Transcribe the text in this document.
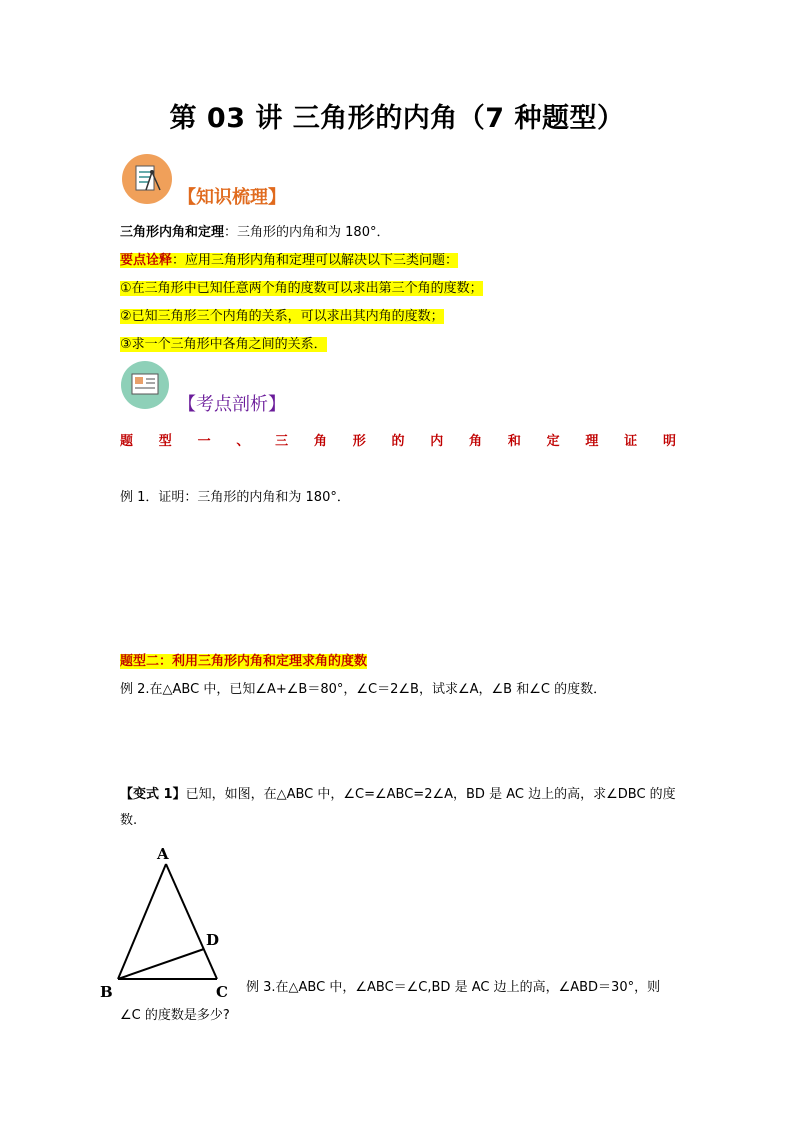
第 03 讲 三角形的内角（7 种题型）
【知识梳理】
三角形内角和定理：三角形的内角和为 180°．
要点诠释：应用三角形内角和定理可以解决以下三类问题：
①在三角形中已知任意两个角的度数可以求出第三个角的度数；
②已知三角形三个内角的关系，可以求出其内角的度数；
③求一个三角形中各角之间的关系．
【考点剖析】
题 型 一 、 三 角 形 的 内 角 和 定 理 证 明
例 1．证明：三角形的内角和为 180°．
题型二：利用三角形内角和定理求角的度数
例 2.在△ABC 中，已知∠A+∠B＝80°，∠C＝2∠B，试求∠A，∠B 和∠C 的度数．
【变式 1】已知，如图，在△ABC 中，∠C=∠ABC=2∠A，BD 是 AC 边上的高，求∠DBC 的度
数.
A
B	C
D
例 3.在△ABC 中，∠ABC＝∠C,BD 是 AC 边上的高，∠ABD＝30°，则
∠C 的度数是多少?
